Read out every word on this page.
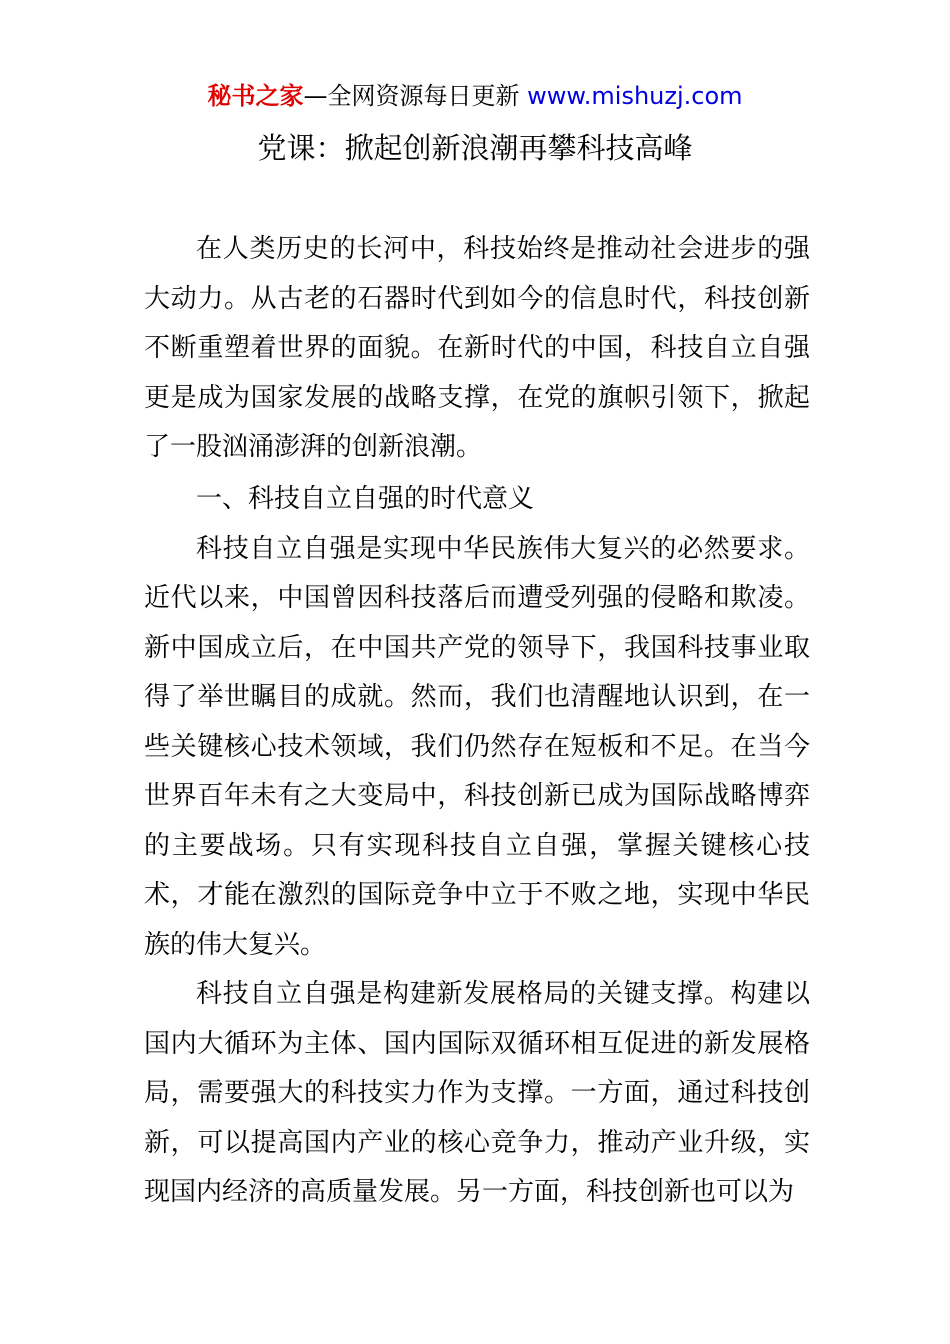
秘书之家—全网资源每日更新 www.mishuzj.com
党课：掀起创新浪潮再攀科技高峰

在人类历史的长河中，科技始终是推动社会进步的强大动力。从古老的石器时代到如今的信息时代，科技创新不断重塑着世界的面貌。在新时代的中国，科技自立自强更是成为国家发展的战略支撑，在党的旗帜引领下，掀起了一股汹涌澎湃的创新浪潮。

一、科技自立自强的时代意义

科技自立自强是实现中华民族伟大复兴的必然要求。近代以来，中国曾因科技落后而遭受列强的侵略和欺凌。新中国成立后，在中国共产党的领导下，我国科技事业取得了举世瞩目的成就。然而，我们也清醒地认识到，在一些关键核心技术领域，我们仍然存在短板和不足。在当今世界百年未有之大变局中，科技创新已成为国际战略博弈的主要战场。只有实现科技自立自强，掌握关键核心技术，才能在激烈的国际竞争中立于不败之地，实现中华民族的伟大复兴。

科技自立自强是构建新发展格局的关键支撑。构建以国内大循环为主体、国内国际双循环相互促进的新发展格局，需要强大的科技实力作为支撑。一方面，通过科技创新，可以提高国内产业的核心竞争力，推动产业升级，实现国内经济的高质量发展。另一方面，科技创新也可以为
